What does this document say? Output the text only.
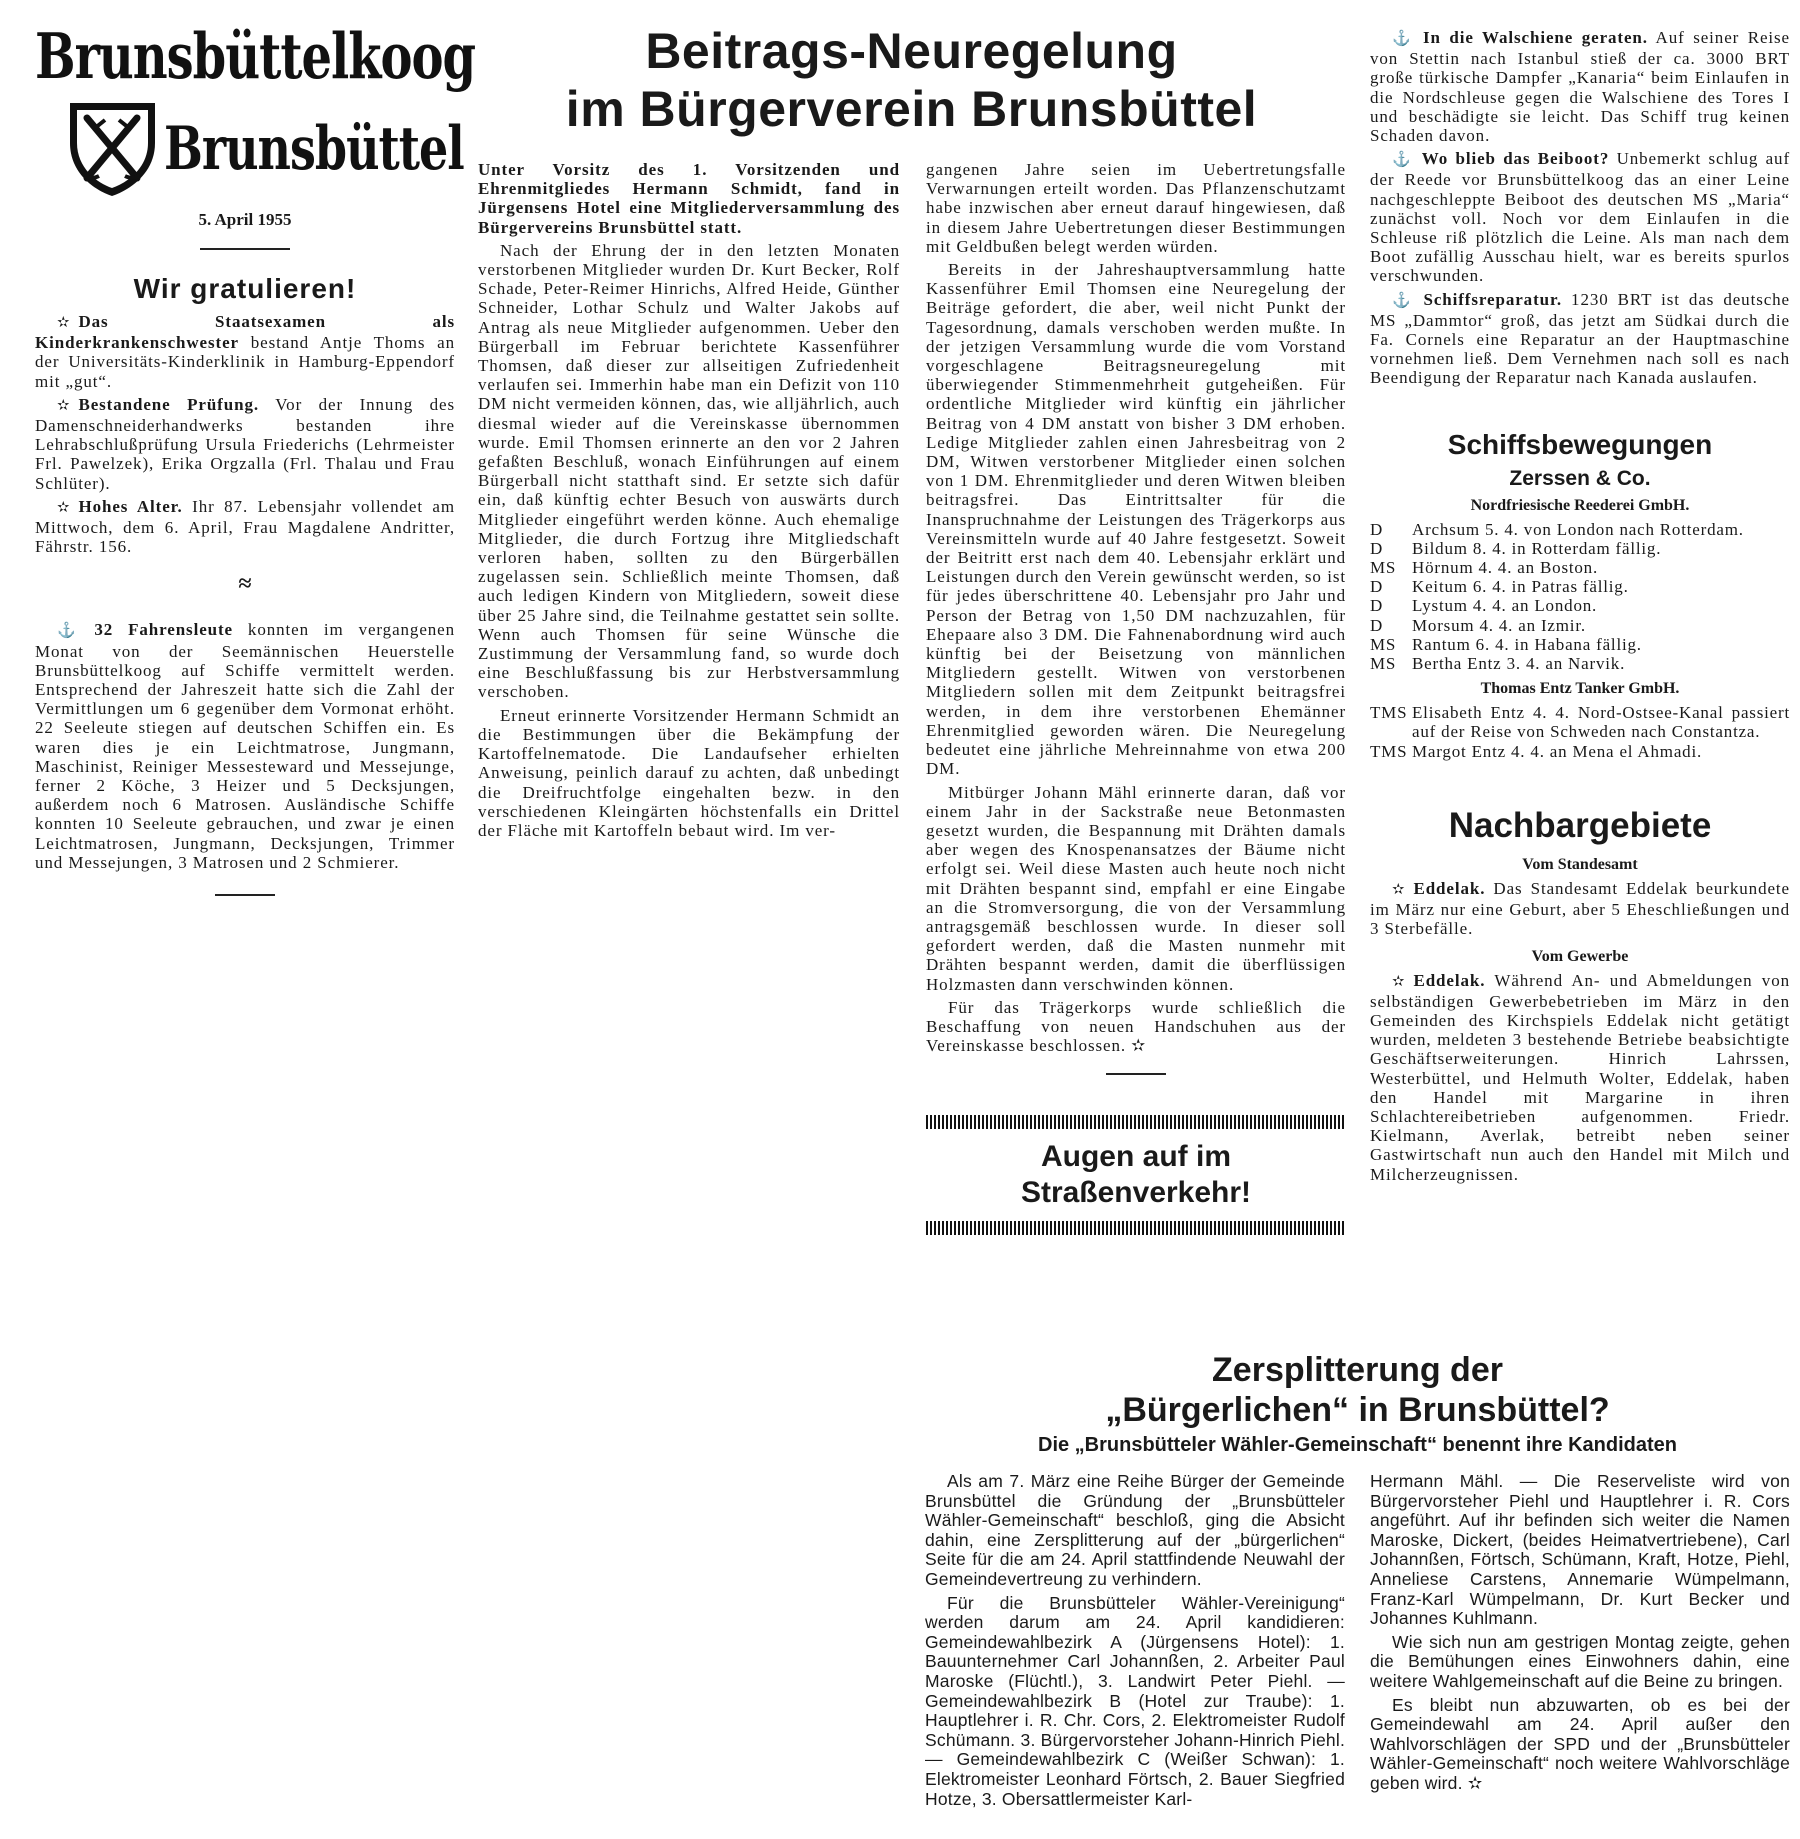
Brunsbüttelkoog
Brunsbüttel
5. April 1955
Wir gratulieren!

✫ Das Staatsexamen als Kinderkrankenschwester bestand Antje Thoms an der Universitäts-Kinderklinik in Hamburg-Eppendorf mit „gut“.

✫ Bestandene Prüfung. Vor der Innung des Damenschneiderhandwerks bestanden ihre Lehrabschlußprüfung Ursula Friederichs (Lehrmeister Frl. Pawelzek), Erika Orgzalla (Frl. Thalau und Frau Schlüter).

✫ Hohes Alter. Ihr 87. Lebensjahr vollendet am Mittwoch, dem 6. April, Frau Magdalene Andritter, Fährstr. 156.

≈

⚓ 32 Fahrensleute konnten im vergangenen Monat von der Seemännischen Heuerstelle Brunsbüttelkoog auf Schiffe vermittelt werden. Entsprechend der Jahreszeit hatte sich die Zahl der Vermittlungen um 6 gegenüber dem Vormonat erhöht. 22 Seeleute stiegen auf deutschen Schiffen ein. Es waren dies je ein Leichtmatrose, Jungmann, Maschinist, Reiniger Messesteward und Messejunge, ferner 2 Köche, 3 Heizer und 5 Decksjungen, außerdem noch 6 Matrosen. Ausländische Schiffe konnten 10 Seeleute gebrauchen, und zwar je einen Leichtmatrosen, Jungmann, Decksjungen, Trimmer und Messejungen, 3 Matrosen und 2 Schmierer.

Beitrags-Neuregelung
im Bürgerverein Brunsbüttel

Unter Vorsitz des 1. Vorsitzenden und Ehrenmitgliedes Hermann Schmidt, fand in Jürgensens Hotel eine Mitgliederversammlung des Bürgervereins Brunsbüttel statt.

Nach der Ehrung der in den letzten Monaten verstorbenen Mitglieder wurden Dr. Kurt Becker, Rolf Schade, Peter-Reimer Hinrichs, Alfred Heide, Günther Schneider, Lothar Schulz und Walter Jakobs auf Antrag als neue Mitglieder aufgenommen. Ueber den Bürgerball im Februar berichtete Kassenführer Thomsen, daß dieser zur allseitigen Zufriedenheit verlaufen sei. Immerhin habe man ein Defizit von 110 DM nicht vermeiden können, das, wie alljährlich, auch diesmal wieder auf die Vereinskasse übernommen wurde. Emil Thomsen erinnerte an den vor 2 Jahren gefaßten Beschluß, wonach Einführungen auf einem Bürgerball nicht statthaft sind. Er setzte sich dafür ein, daß künftig echter Besuch von auswärts durch Mitglieder eingeführt werden könne. Auch ehemalige Mitglieder, die durch Fortzug ihre Mitgliedschaft verloren haben, sollten zu den Bürgerbällen zugelassen sein. Schließlich meinte Thomsen, daß auch ledigen Kindern von Mitgliedern, soweit diese über 25 Jahre sind, die Teilnahme gestattet sein sollte. Wenn auch Thomsen für seine Wünsche die Zustimmung der Versammlung fand, so wurde doch eine Beschlußfassung bis zur Herbstversammlung verschoben.

Erneut erinnerte Vorsitzender Hermann Schmidt an die Bestimmungen über die Bekämpfung der Kartoffelnematode. Die Landaufseher erhielten Anweisung, peinlich darauf zu achten, daß unbedingt die Dreifruchtfolge eingehalten bezw. in den verschiedenen Kleingärten höchstenfalls ein Drittel der Fläche mit Kartoffeln bebaut wird. Im ver-

gangenen Jahre seien im Uebertretungsfalle Verwarnungen erteilt worden. Das Pflanzenschutzamt habe inzwischen aber erneut darauf hingewiesen, daß in diesem Jahre Uebertretungen dieser Bestimmungen mit Geldbußen belegt werden würden.

Bereits in der Jahreshauptversammlung hatte Kassenführer Emil Thomsen eine Neuregelung der Beiträge gefordert, die aber, weil nicht Punkt der Tagesordnung, damals verschoben werden mußte. In der jetzigen Versammlung wurde die vom Vorstand vorgeschlagene Beitragsneuregelung mit überwiegender Stimmenmehrheit gutgeheißen. Für ordentliche Mitglieder wird künftig ein jährlicher Beitrag von 4 DM anstatt von bisher 3 DM erhoben. Ledige Mitglieder zahlen einen Jahresbeitrag von 2 DM, Witwen verstorbener Mitglieder einen solchen von 1 DM. Ehrenmitglieder und deren Witwen bleiben beitragsfrei. Das Eintrittsalter für die Inanspruchnahme der Leistungen des Trägerkorps aus Vereinsmitteln wurde auf 40 Jahre festgesetzt. Soweit der Beitritt erst nach dem 40. Lebensjahr erklärt und Leistungen durch den Verein gewünscht werden, so ist für jedes überschrittene 40. Lebensjahr pro Jahr und Person der Betrag von 1,50 DM nachzuzahlen, für Ehepaare also 3 DM. Die Fahnenabordnung wird auch künftig bei der Beisetzung von männlichen Mitgliedern gestellt. Witwen von verstorbenen Mitgliedern sollen mit dem Zeitpunkt beitragsfrei werden, in dem ihre verstorbenen Ehemänner Ehrenmitglied geworden wären. Die Neuregelung bedeutet eine jährliche Mehreinnahme von etwa 200 DM.

Mitbürger Johann Mähl erinnerte daran, daß vor einem Jahr in der Sackstraße neue Betonmasten gesetzt wurden, die Bespannung mit Drähten damals aber wegen des Knospenansatzes der Bäume nicht erfolgt sei. Weil diese Masten auch heute noch nicht mit Drähten bespannt sind, empfahl er eine Eingabe an die Stromversorgung, die von der Versammlung antragsgemäß beschlossen wurde. In dieser soll gefordert werden, daß die Masten nunmehr mit Drähten bespannt werden, damit die überflüssigen Holzmasten dann verschwinden können.

Für das Trägerkorps wurde schließlich die Beschaffung von neuen Handschuhen aus der Vereinskasse beschlossen. ✫

Augen auf im Straßenverkehr!

⚓ In die Walschiene geraten. Auf seiner Reise von Stettin nach Istanbul stieß der ca. 3000 BRT große türkische Dampfer „Kanaria“ beim Einlaufen in die Nordschleuse gegen die Walschiene des Tores I und beschädigte sie leicht. Das Schiff trug keinen Schaden davon.

⚓ Wo blieb das Beiboot? Unbemerkt schlug auf der Reede vor Brunsbüttelkoog das an einer Leine nachgeschleppte Beiboot des deutschen MS „Maria“ zunächst voll. Noch vor dem Einlaufen in die Schleuse riß plötzlich die Leine. Als man nach dem Boot zufällig Ausschau hielt, war es bereits spurlos verschwunden.

⚓ Schiffsreparatur. 1230 BRT ist das deutsche MS „Dammtor“ groß, das jetzt am Südkai durch die Fa. Cornels eine Reparatur an der Hauptmaschine vornehmen ließ. Dem Vernehmen nach soll es nach Beendigung der Reparatur nach Kanada auslaufen.

Schiffsbewegungen
Zerssen & Co.
Nordfriesische Reederei GmbH.
D	Archsum 5. 4. von London nach Rotterdam.
D	Bildum 8. 4. in Rotterdam fällig.
MS Hörnum 4. 4. an Boston.
D	Keitum 6. 4. in Patras fällig.
D	Lystum 4. 4. an London.
D	Morsum 4. 4. an Izmir.
MS Rantum 6. 4. in Habana fällig.
MS Bertha Entz 3. 4. an Narvik.
Thomas Entz Tanker GmbH.
TMS Elisabeth Entz 4. 4. Nord-Ostsee-Kanal passiert auf der Reise von Schweden nach Constantza.
TMS Margot Entz 4. 4. an Mena el Ahmadi.
Nachbargebiete
Vom Standesamt

✫ Eddelak. Das Standesamt Eddelak beurkundete im März nur eine Geburt, aber 5 Eheschließungen und 3 Sterbefälle.

Vom Gewerbe

✫ Eddelak. Während An- und Abmeldungen von selbständigen Gewerbebetrieben im März in den Gemeinden des Kirchspiels Eddelak nicht getätigt wurden, meldeten 3 bestehende Betriebe beabsichtigte Geschäftserweiterungen. Hinrich Lahrssen, Westerbüttel, und Helmuth Wolter, Eddelak, haben den Handel mit Margarine in ihren Schlachtereibetrieben aufgenommen. Friedr. Kielmann, Averlak, betreibt neben seiner Gastwirtschaft nun auch den Handel mit Milch und Milcherzeugnissen.

Zersplitterung der
„Bürgerlichen“ in Brunsbüttel?
Die „Brunsbütteler Wähler-Gemeinschaft“ benennt ihre Kandidaten

Als am 7. März eine Reihe Bürger der Gemeinde Brunsbüttel die Gründung der „Brunsbütteler Wähler-Gemeinschaft“ beschloß, ging die Absicht dahin, eine Zersplitterung auf der „bürgerlichen“ Seite für die am 24. April stattfindende Neuwahl der Gemeindevertreung zu verhindern.

Für die Brunsbütteler Wähler-Vereinigung“ werden darum am 24. April kandidieren: Gemeindewahlbezirk A (Jürgensens Hotel): 1. Bauunternehmer Carl Johannßen, 2. Arbeiter Paul Maroske (Flüchtl.), 3. Landwirt Peter Piehl. — Gemeindewahlbezirk B (Hotel zur Traube): 1. Hauptlehrer i. R. Chr. Cors, 2. Elektromeister Rudolf Schümann. 3. Bürgervorsteher Johann-Hinrich Piehl. — Gemeindewahlbezirk C (Weißer Schwan): 1. Elektromeister Leonhard Förtsch, 2. Bauer Siegfried Hotze, 3. Obersattlermeister Karl-

Hermann Mähl. — Die Reserveliste wird von Bürgervorsteher Piehl und Hauptlehrer i. R. Cors angeführt. Auf ihr befinden sich weiter die Namen Maroske, Dickert, (beides Heimatvertriebene), Carl Johannßen, Förtsch, Schümann, Kraft, Hotze, Piehl, Anneliese Carstens, Annemarie Wümpelmann, Franz-Karl Wümpelmann, Dr. Kurt Becker und Johannes Kuhlmann.

Wie sich nun am gestrigen Montag zeigte, gehen die Bemühungen eines Einwohners dahin, eine weitere Wahlgemeinschaft auf die Beine zu bringen.

Es bleibt nun abzuwarten, ob es bei der Gemeindewahl am 24. April außer den Wahlvorschlägen der SPD und der „Brunsbütteler Wähler-Gemeinschaft“ noch weitere Wahlvorschläge geben wird. ✫
